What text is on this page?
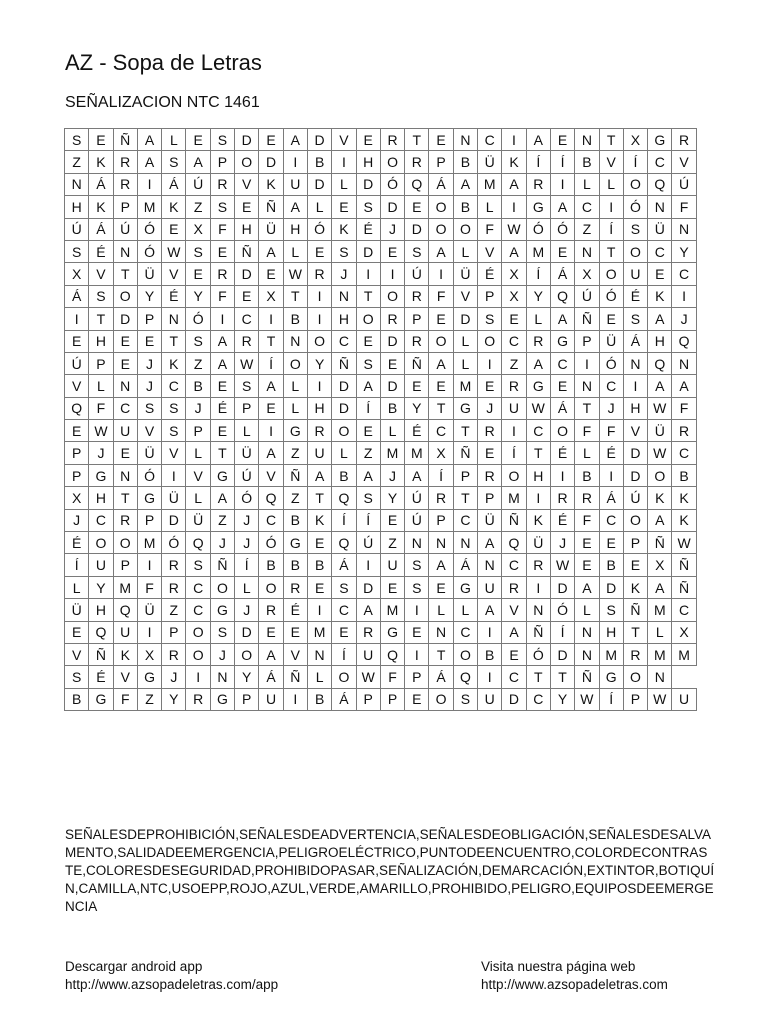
AZ - Sopa de Letras
SEÑALIZACION NTC 1461
S	E	Ñ	A	L	E	S	D	E	A	D	V	E	R	T	E	N	C	I	A	E	N	T	X	G	R
Z	K	R	A	S	A	P	O	D	I	B	I	H	O	R	P	B	Ü	K	Í	Í	B	V	Í	C	V
N	Á	R	I	Á	Ú	R	V	K	U	D	L	D	Ó	Q	Á	A	M	A	R	I	L	L	O	Q	Ú
H	K	P	M	K	Z	S	E	Ñ	A	L	E	S	D	E	O	B	L	I	G	A	C	I	Ó	N	F
Ú	Á	Ú	Ó	E	X	F	H	Ü	H	Ó	K	É	J	D	O	O	F	W	Ó	Ó	Z	Í	S	Ü	N
S	É	N	Ó	W	S	E	Ñ	A	L	E	S	D	E	S	A	L	V	A	M	E	N	T	O	C	Y
X	V	T	Ü	V	E	R	D	E	W	R	J	I	I	Ú	I	Ü	É	X	Í	Á	X	O	U	E	C
Á	S	O	Y	É	Y	F	E	X	T	I	N	T	O	R	F	V	P	X	Y	Q	Ú	Ó	É	K	I
I	T	D	P	N	Ó	I	C	I	B	I	H	O	R	P	E	D	S	E	L	A	Ñ	E	S	A	J
E	H	E	E	T	S	A	R	T	N	O	C	E	D	R	O	L	O	C	R	G	P	Ü	Á	H	Q
Ú	P	E	J	K	Z	A	W	Í	O	Y	Ñ	S	E	Ñ	A	L	I	Z	A	C	I	Ó	N	Q	N
V	L	N	J	C	B	E	S	A	L	I	D	A	D	E	E	M	E	R	G	E	N	C	I	A	A
Q	F	C	S	S	J	É	P	E	L	H	D	Í	B	Y	T	G	J	U	W	Á	T	J	H	W	F
E	W	U	V	S	P	E	L	I	G	R	O	E	L	É	C	T	R	I	C	O	F	F	V	Ü	R
P	J	E	Ü	V	L	T	Ü	A	Z	U	L	Z	M	M	X	Ñ	E	Í	T	É	L	É	D	W	C
P	G	N	Ó	I	V	G	Ú	V	Ñ	A	B	A	J	A	Í	P	R	O	H	I	B	I	D	O	B
X	H	T	G	Ü	L	A	Ó	Q	Z	T	Q	S	Y	Ú	R	T	P	M	I	R	R	Á	Ú	K	K
J	C	R	P	D	Ü	Z	J	C	B	K	Í	Í	E	Ú	P	C	Ü	Ñ	K	É	F	C	O	A	K
É	O	O	M	Ó	Q	J	J	Ó	G	E	Q	Ú	Z	N	N	N	A	Q	Ü	J	E	E	P	Ñ	W
Í	U	P	I	R	S	Ñ	Í	B	B	B	Á	I	U	S	A	Á	N	C	R	W	E	B	E	X	Ñ
L	Y	M	F	R	C	O	L	O	R	E	S	D	E	S	E	G	U	R	I	D	A	D	K	A	Ñ
Ü	H	Q	Ü	Z	C	G	J	R	É	I	C	A	M	I	L	L	A	V	N	Ó	L	S	Ñ	M	C
E	Q	U	I	P	O	S	D	E	E	M	E	R	G	E	N	C	I	A	Ñ	Í	N	H	T	L	X
V	Ñ	K	X	R	O	J	O	A	V	N	Í	U	Q	I	T	O	B	E	Ó	D	N	M	R	M	M
S	É	V	G	J	I	N	Y	Á	Ñ	L	O	W	F	P	Á	Q	I	C	T	T	Ñ	G	O	N	
B	G	F	Z	Y	R	G	P	U	I	B	Á	P	P	E	O	S	U	D	C	Y	W	Í	P	W	U
SEÑALESDEPROHIBICIÓN,SEÑALESDEADVERTENCIA,SEÑALESDEOBLIGACIÓN,SEÑALESDESALVAMENTO,SALIDADEEMERGENCIA,PELIGROELÉCTRICO,PUNTODEENCUENTRO,COLORDECONTRASTE,COLORESDESEGURIDAD,PROHIBIDOPASAR,SEÑALIZACIÓN,DEMARCACIÓN,EXTINTOR,BOTIQUÍN,CAMILLA,NTC,USOEPP,ROJO,AZUL,VERDE,AMARILLO,PROHIBIDO,PELIGRO,EQUIPOSDEEMERGENCIA
Descargar android app
http://www.azsopadeletras.com/app
Visita nuestra página web
http://www.azsopadeletras.com
